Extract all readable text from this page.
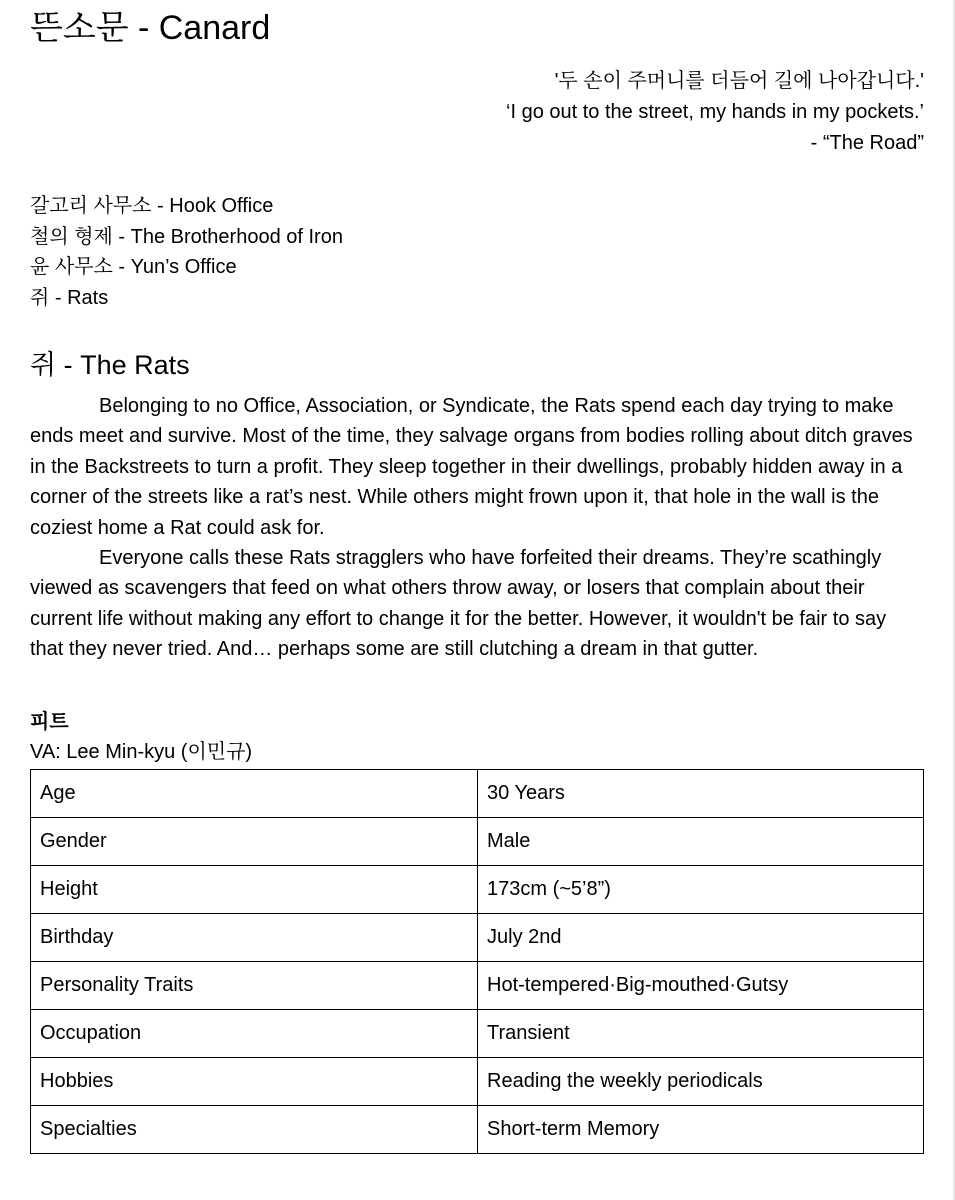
뜬소문 - Canard
'두 손이 주머니를 더듬어 길에 나아갑니다.'
‘I go out to the street, my hands in my pockets.’
- “The Road”
갈고리 사무소 - Hook Office
철의 형제 - The Brotherhood of Iron
윤 사무소 - Yun’s Office
쥐 - Rats
쥐 - The Rats

Belonging to no Office, Association, or Syndicate, the Rats spend each day trying to make ends meet and survive. Most of the time, they salvage organs from bodies rolling about ditch graves in the Backstreets to turn a profit. They sleep together in their dwellings, probably hidden away in a corner of the streets like a rat’s nest. While others might frown upon it, that hole in the wall is the coziest home a Rat could ask for.

Everyone calls these Rats stragglers who have forfeited their dreams. They’re scathingly viewed as scavengers that feed on what others throw away, or losers that complain about their current life without making any effort to change it for the better. However, it wouldn't be fair to say that they never tried. And… perhaps some are still clutching a dream in that gutter.

피트
VA: Lee Min-kyu (이민규)
Age	30 Years
Gender	Male
Height	173cm (~5’8”)
Birthday	July 2nd
Personality Traits	Hot-tempered·Big-mouthed·Gutsy
Occupation	Transient
Hobbies	Reading the weekly periodicals
Specialties	Short-term Memory
